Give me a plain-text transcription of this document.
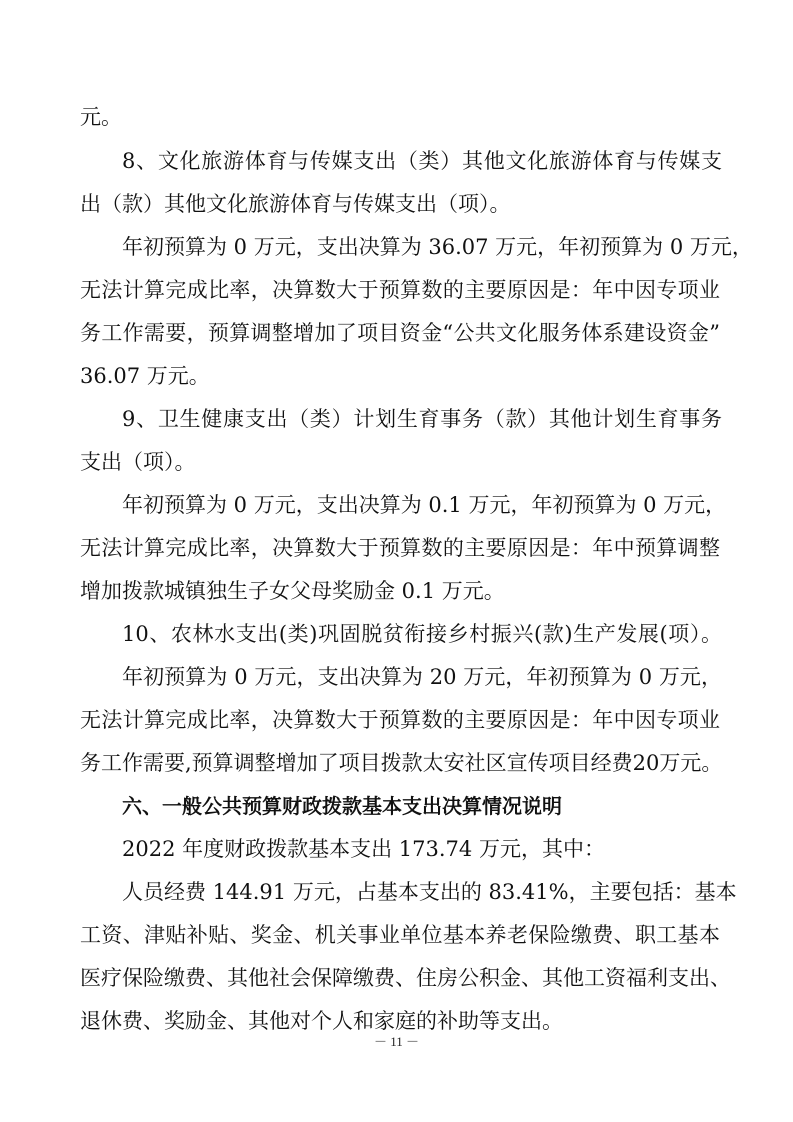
元。
8、文化旅游体育与传媒支出（类）其他文化旅游体育与传媒支
出（款）其他文化旅游体育与传媒支出（项）。
年初预算为 0 万元，支出决算为 36.07 万元，年初预算为 0 万元，
无法计算完成比率，决算数大于预算数的主要原因是：年中因专项业
务工作需要，预算调整增加了项目资金“公共文化服务体系建设资金”
36.07 万元。
9、卫生健康支出（类）计划生育事务（款）其他计划生育事务
支出（项）。
年初预算为 0 万元，支出决算为 0.1 万元，年初预算为 0 万元，
无法计算完成比率，决算数大于预算数的主要原因是：年中预算调整
增加拨款城镇独生子女父母奖励金 0.1 万元。
10、农林水支出(类)巩固脱贫衔接乡村振兴(款)生产发展(项）。
年初预算为 0 万元，支出决算为 20 万元，年初预算为 0 万元，
无法计算完成比率，决算数大于预算数的主要原因是：年中因专项业
务工作需要,预算调整增加了项目拨款太安社区宣传项目经费20万元。
六、一般公共预算财政拨款基本支出决算情况说明
2022 年度财政拨款基本支出 173.74 万元，其中：
人员经费 144.91 万元，占基本支出的 83.41%，主要包括：基本
工资、津贴补贴、奖金、机关事业单位基本养老保险缴费、职工基本
医疗保险缴费、其他社会保障缴费、住房公积金、其他工资福利支出、
退休费、奖励金、其他对个人和家庭的补助等支出。
－ 11 －
